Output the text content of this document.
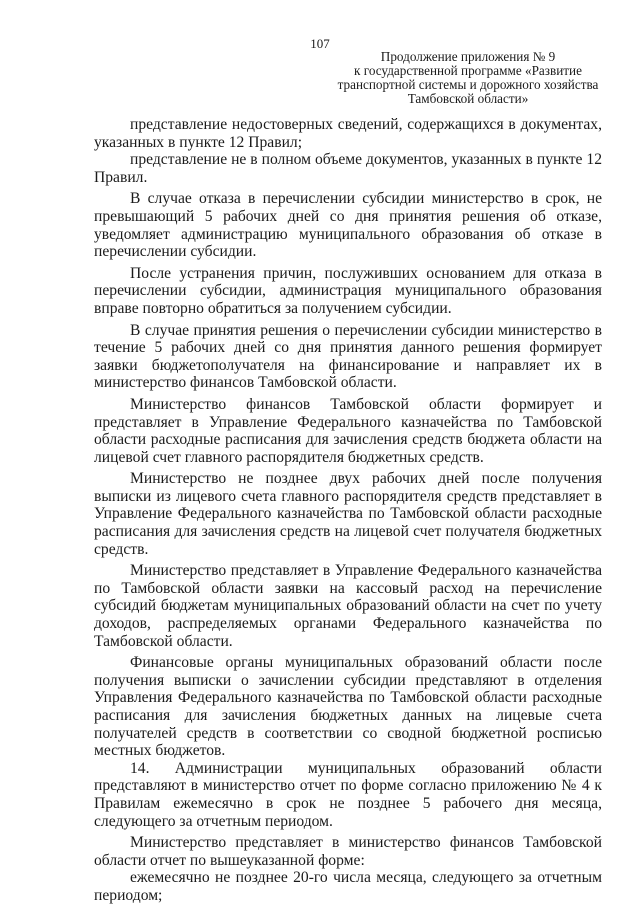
107
Продолжение приложения № 9
к государственной программе «Развитие
транспортной системы и дорожного хозяйства
Тамбовской области»

представление недостоверных сведений, содержащихся в документах, указанных в пункте 12 Правил;

представление не в полном объеме документов, указанных в пункте 12 Правил.

В случае отказа в перечислении субсидии министерство в срок, не превышающий 5 рабочих дней со дня принятия решения об отказе, уведомляет администрацию муниципального образования об отказе в перечислении субсидии.

После устранения причин, послуживших основанием для отказа в перечислении субсидии, администрация муниципального образования вправе повторно обратиться за получением субсидии.

В случае принятия решения о перечислении субсидии министерство в течение 5 рабочих дней со дня принятия данного решения формирует заявки бюджетополучателя на финансирование и направляет их в министерство финансов Тамбовской области.

Министерство финансов Тамбовской области формирует и представляет в Управление Федерального казначейства по Тамбовской области расходные расписания для зачисления средств бюджета области на лицевой счет главного распорядителя бюджетных средств.

Министерство не позднее двух рабочих дней после получения выписки из лицевого счета главного распорядителя средств представляет в Управление Федерального казначейства по Тамбовской области расходные расписания для зачисления средств на лицевой счет получателя бюджетных средств.

Министерство представляет в Управление Федерального казначейства по Тамбовской области заявки на кассовый расход на перечисление субсидий бюджетам муниципальных образований области на счет по учету доходов, распределяемых органами Федерального казначейства по Тамбовской области.

Финансовые органы муниципальных образований области после получения выписки о зачислении субсидии представляют в отделения Управления Федерального казначейства по Тамбовской области расходные расписания для зачисления бюджетных данных на лицевые счета получателей средств в соответствии со сводной бюджетной росписью местных бюджетов.

14. Администрации муниципальных образований области представляют в министерство отчет по форме согласно приложению № 4 к Правилам ежемесячно в срок не позднее 5 рабочего дня месяца, следующего за отчетным периодом.

Министерство представляет в министерство финансов Тамбовской области отчет по вышеуказанной форме:

ежемесячно не позднее 20-го числа месяца, следующего за отчетным периодом;
